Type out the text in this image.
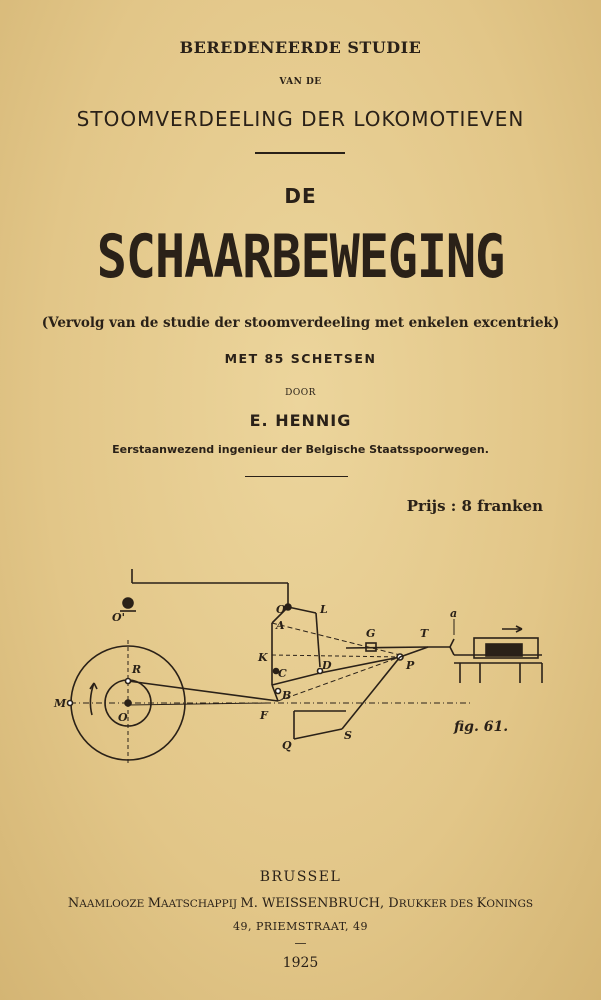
BEREDENEERDE STUDIE
VAN DE
STOOMVERDEELING DER LOKOMOTIEVEN
DE
SCHAARBEWEGING
(Vervolg van de studie der stoomverdeeling met enkelen excentriek)
MET 85 SCHETSEN
DOOR
E. HENNIG
Eerstaanwezend ingenieur der Belgische Staatsspoorwegen.
Prijs : 8 franken
O'
O	L
A
G	T
a
K
C
D	P
R
M
O
B
F
Q
S
fig. 61.
BRUSSEL
NAAMLOOZE MAATSCHAPPIJ M. WEISSENBRUCH, DRUKKER DES KONINGS
49, PRIEMSTRAAT, 49
—
1925
